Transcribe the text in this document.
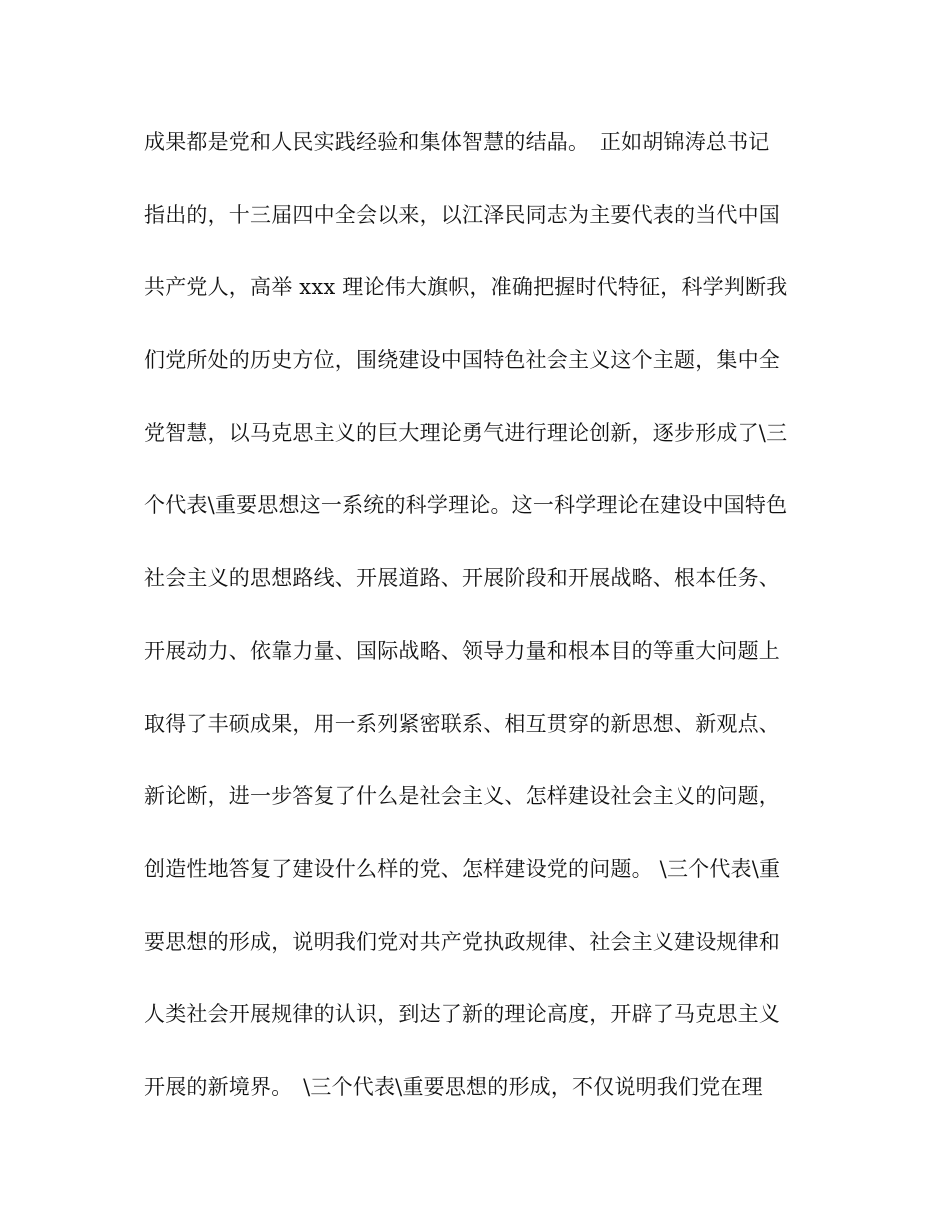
成果都是党和人民实践经验和集体智慧的结晶。　正如胡锦涛总书记
指出的，十三届四中全会以来，以江泽民同志为主要代表的当代中国
共产党人，高举 xxx 理论伟大旗帜，准确把握时代特征，科学判断我
们党所处的历史方位，围绕建设中国特色社会主义这个主题，集中全
党智慧，以马克思主义的巨大理论勇气进行理论创新，逐步形成了\三
个代表\重要思想这一系统的科学理论。这一科学理论在建设中国特色
社会主义的思想路线、开展道路、开展阶段和开展战略、根本任务、
开展动力、依靠力量、国际战略、领导力量和根本目的等重大问题上
取得了丰硕成果，用一系列紧密联系、相互贯穿的新思想、新观点、
新论断，进一步答复了什么是社会主义、怎样建设社会主义的问题，
创造性地答复了建设什么样的党、怎样建设党的问题。 \三个代表\重
要思想的形成，说明我们党对共产党执政规律、社会主义建设规律和
人类社会开展规律的认识，到达了新的理论高度，开辟了马克思主义
开展的新境界。　\三个代表\重要思想的形成，不仅说明我们党在理
